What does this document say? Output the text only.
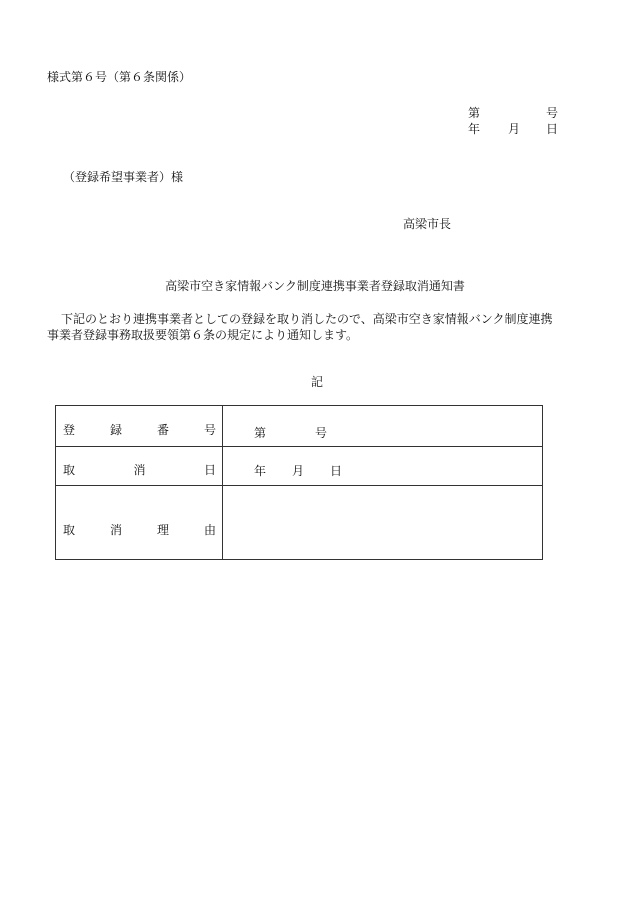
様式第６号（第６条関係）
第	号
年 月 日
（登録希望事業者）様
高梁市長
高梁市空き家情報バンク制度連携事業者登録取消通知書
下記のとおり連携事業者としての登録を取り消したので、高梁市空き家情報バンク制度連携
事業者登録事務取扱要領第６条の規定により通知します。
記
登録番号	第	号
取消日	年 月 日
取消理由
